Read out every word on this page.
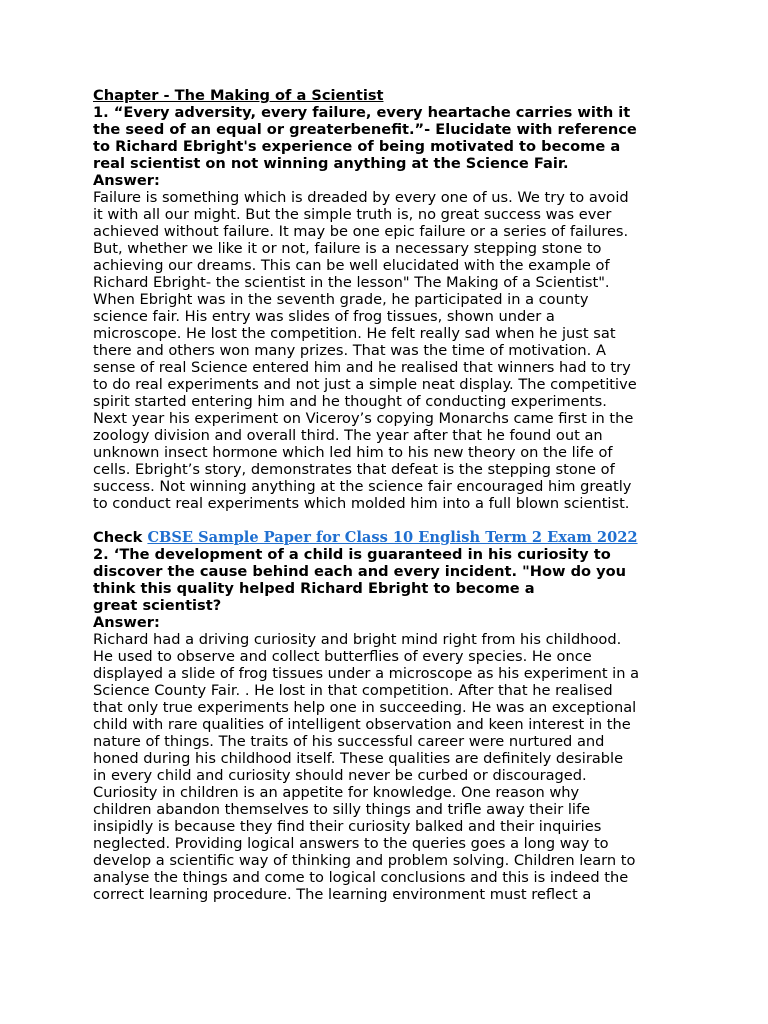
Chapter - The Making of a Scientist
1. “Every adversity, every failure, every heartache carries with it
the seed of an equal or greaterbenefit.”- Elucidate with reference
to Richard Ebright's experience of being motivated to become a
real scientist on not winning anything at the Science Fair.
Answer:
Failure is something which is dreaded by every one of us. We try to avoid
it with all our might. But the simple truth is, no great success was ever
achieved without failure. It may be one epic failure or a series of failures.
But, whether we like it or not, failure is a necessary stepping stone to
achieving our dreams. This can be well elucidated with the example of
Richard Ebright- the scientist in the lesson" The Making of a Scientist".
When Ebright was in the seventh grade, he participated in a county
science fair. His entry was slides of frog tissues, shown under a
microscope. He lost the competition. He felt really sad when he just sat
there and others won many prizes. That was the time of motivation. A
sense of real Science entered him and he realised that winners had to try
to do real experiments and not just a simple neat display. The competitive
spirit started entering him and he thought of conducting experiments.
Next year his experiment on Viceroy’s copying Monarchs came first in the
zoology division and overall third. The year after that he found out an
unknown insect hormone which led him to his new theory on the life of
cells. Ebright’s story, demonstrates that defeat is the stepping stone of
success. Not winning anything at the science fair encouraged him greatly
to conduct real experiments which molded him into a full blown scientist.
Check CBSE Sample Paper for Class 10 English Term 2 Exam 2022
2. ‘The development of a child is guaranteed in his curiosity to
discover the cause behind each and every incident. "How do you
think this quality helped Richard Ebright to become a
great scientist?
Answer:
Richard had a driving curiosity and bright mind right from his childhood.
He used to observe and collect butterflies of every species. He once
displayed a slide of frog tissues under a microscope as his experiment in a
Science County Fair. . He lost in that competition. After that he realised
that only true experiments help one in succeeding. He was an exceptional
child with rare qualities of intelligent observation and keen interest in the
nature of things. The traits of his successful career were nurtured and
honed during his childhood itself. These qualities are definitely desirable
in every child and curiosity should never be curbed or discouraged.
Curiosity in children is an appetite for knowledge. One reason why
children abandon themselves to silly things and trifle away their life
insipidly is because they find their curiosity balked and their inquiries
neglected. Providing logical answers to the queries goes a long way to
develop a scientific way of thinking and problem solving. Children learn to
analyse the things and come to logical conclusions and this is indeed the
correct learning procedure. The learning environment must reflect a
